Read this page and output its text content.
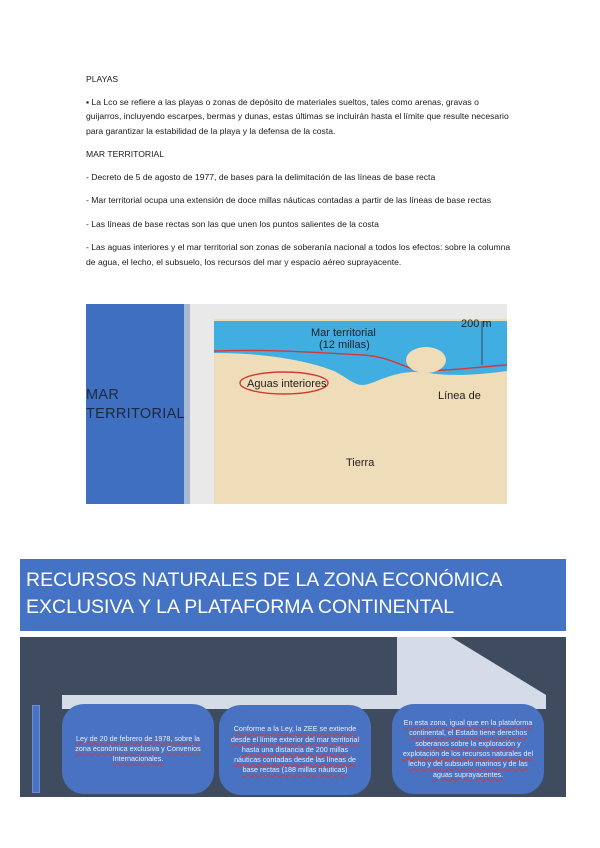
PLAYAS

▪ La Lco se refiere a las playas o zonas de depósito de materiales sueltos, tales como arenas, gravas o guijarros, incluyendo escarpes, bermas y dunas, estas últimas se incluirán hasta el límite que resulte necesario para garantizar la estabilidad de la playa y la defensa de la costa.

MAR TERRITORIAL

- Decreto de 5 de agosto de 1977, de bases para la delimitación de las líneas de base recta

- Mar territorial ocupa una extensión de doce millas náuticas contadas a partir de las líneas de base rectas

- Las líneas de base rectas son las que unen los puntos salientes de la costa

- Las aguas interiores y el mar territorial son zonas de soberanía nacional a todos los efectos: sobre la columna de agua, el lecho, el subsuelo, los recursos del mar y espacio aéreo suprayacente.

MAR TERRITORIAL
200 m
Mar territorial
(12 millas)
Aguas interiores
Línea de
Tierra
RECURSOS NATURALES DE LA ZONA ECONÓMICA EXCLUSIVA Y LA PLATAFORMA CONTINENTAL
Ley de 20 de febrero de 1978, sobre la zona económica exclusiva y Convenios Internacionales.
Conforme a la Ley, la ZEE se extiende desde el límite exterior del mar territorial hasta una distancia de 200 millas náuticas contadas desde las líneas de base rectas (188 millas náuticas)
En esta zona, igual que en la plataforma continental, el Estado tiene derechos soberanos sobre la exploración y explotación de los recursos naturales del lecho y del subsuelo marinos y de las aguas suprayacentes.
